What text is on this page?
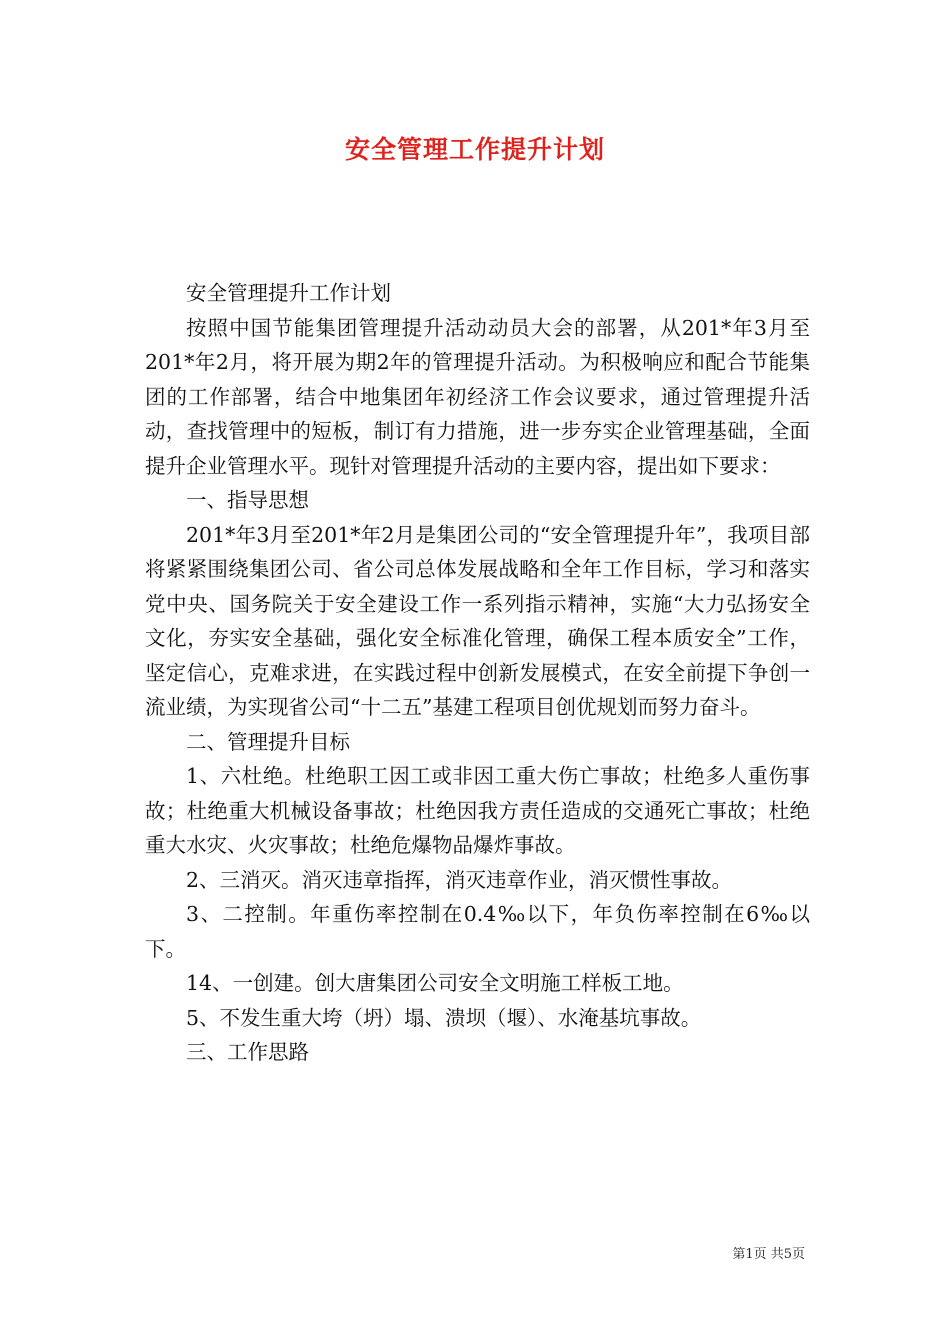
安全管理工作提升计划

安全管理提升工作计划

按照中国节能集团管理提升活动动员大会的部署，从201*年3月至201*年2月，将开展为期2年的管理提升活动。为积极响应和配合节能集团的工作部署，结合中地集团年初经济工作会议要求，通过管理提升活动，查找管理中的短板，制订有力措施，进一步夯实企业管理基础，全面提升企业管理水平。现针对管理提升活动的主要内容，提出如下要求：

一、指导思想

201*年3月至201*年2月是集团公司的“安全管理提升年”，我项目部将紧紧围绕集团公司、省公司总体发展战略和全年工作目标，学习和落实党中央、国务院关于安全建设工作一系列指示精神，实施“大力弘扬安全文化，夯实安全基础，强化安全标准化管理，确保工程本质安全”工作，坚定信心，克难求进，在实践过程中创新发展模式，在安全前提下争创一流业绩，为实现省公司“十二五”基建工程项目创优规划而努力奋斗。

二、管理提升目标

1、六杜绝。杜绝职工因工或非因工重大伤亡事故；杜绝多人重伤事故；杜绝重大机械设备事故；杜绝因我方责任造成的交通死亡事故；杜绝重大水灾、火灾事故；杜绝危爆物品爆炸事故。

2、三消灭。消灭违章指挥，消灭违章作业，消灭惯性事故。

3、二控制。年重伤率控制在0.4‰以下，年负伤率控制在6‰以下。

14、一创建。创大唐集团公司安全文明施工样板工地。

5、不发生重大垮（坍）塌、溃坝（堰）、水淹基坑事故。

三、工作思路

第1页 共5页
